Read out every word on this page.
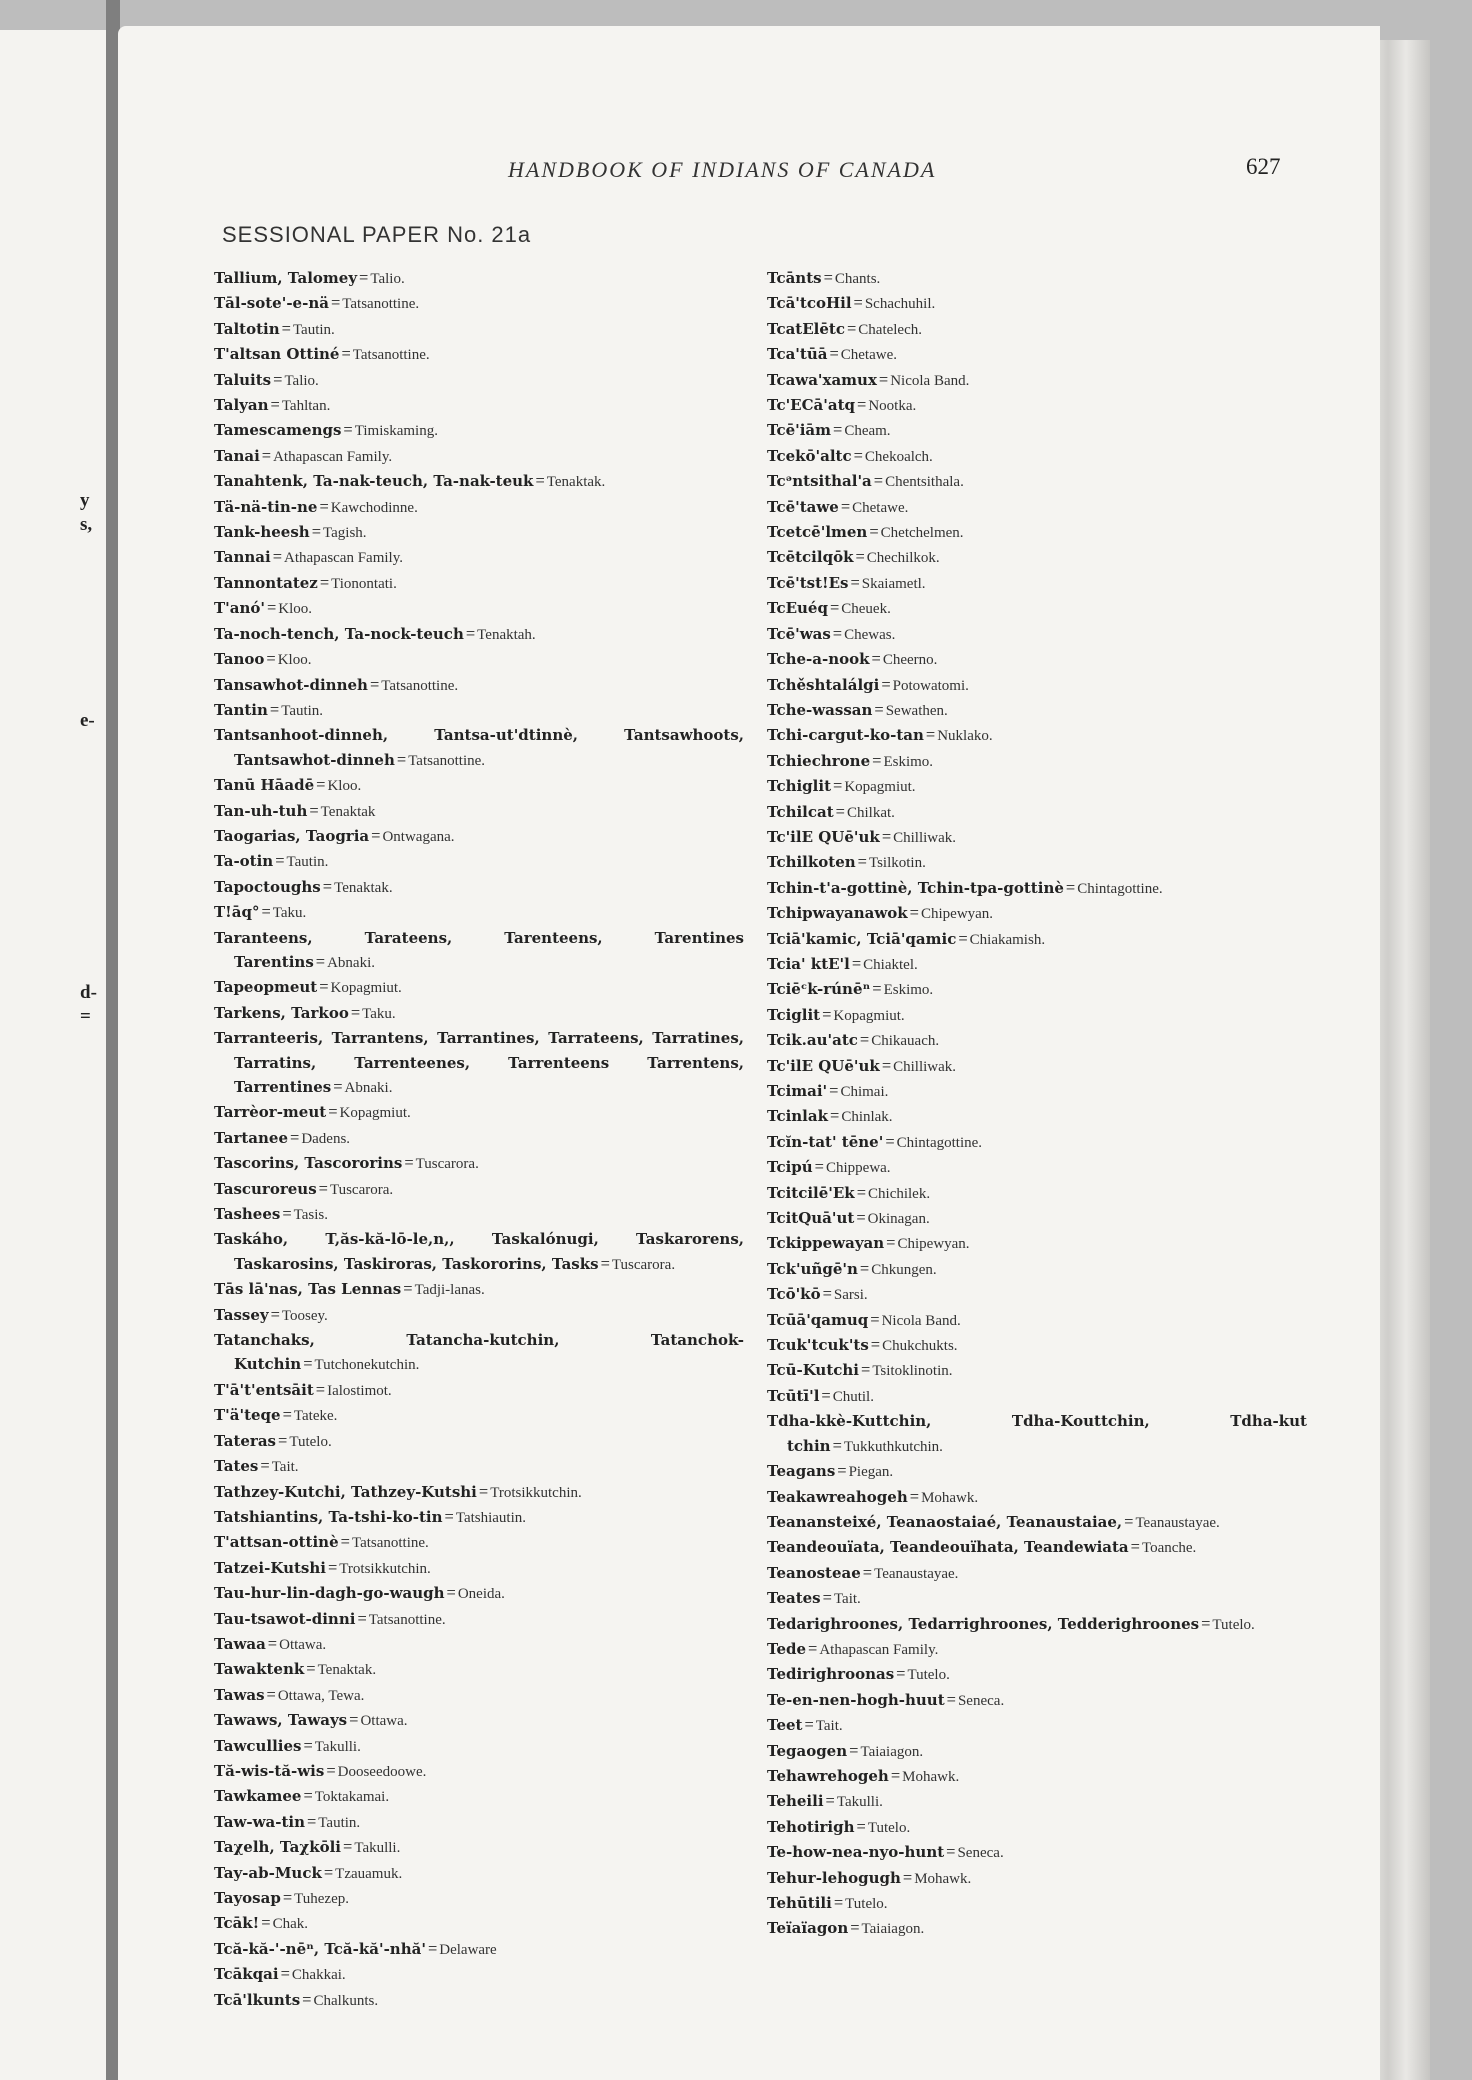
y
s,
e-
d-
=
HANDBOOK OF INDIANS OF CANADA	627
SESSIONAL PAPER No. 21a

Tallium, Talomey = Talio.

Tāl-sote'-e-nä = Tatsanottine.

Taltotin = Tautin.

T'altsan Ottiné = Tatsanottine.

Taluits = Talio.

Talyan = Tahltan.

Tamescamengs = Timiskaming.

Tanai = Athapascan Family.

Tanahtenk, Ta-nak-teuch, Ta-nak-teuk = Tenaktak.

Tä-nä-tin-ne = Kawchodinne.

Tank-heesh = Tagish.

Tannai = Athapascan Family.

Tannontatez = Tionontati.

T'anó' = Kloo.

Ta-noch-tench, Ta-nock-teuch = Tenaktah.

Tanoo = Kloo.

Tansawhot-dinneh = Tatsanottine.

Tantin = Tautin.

Tantsanhoot-dinneh, Tantsa-ut'dtinnè, Tantsawhoots, Tantsawhot-dinneh = Tatsanottine.

Tanū Hāadē = Kloo.

Tan-uh-tuh = Tenaktak

Taogarias, Taogria = Ontwagana.

Ta-otin = Tautin.

Tapoctoughs = Tenaktak.

T!āq° = Taku.

Taranteens, Tarateens, Tarenteens, Tarentines Tarentins = Abnaki.

Tapeopmeut = Kopagmiut.

Tarkens, Tarkoo = Taku.

Tarranteeris, Tarrantens, Tarrantines, Tarrateens, Tarratines, Tarratins, Tarrenteenes, Tarrenteens Tarrentens, Tarrentines = Abnaki.

Tarrèor-meut = Kopagmiut.

Tartanee = Dadens.

Tascorins, Tascororins = Tuscarora.

Tascuroreus = Tuscarora.

Tashees = Tasis.

Taskáho, T,ăs-kă-lō-le,n,, Taskalónugi, Taskarorens, Taskarosins, Taskiroras, Taskororins, Tasks = Tuscarora.

Tās lā'nas, Tas Lennas = Tadji-lanas.

Tassey = Toosey.

Tatanchaks, Tatancha-kutchin, Tatanchok-Kutchin = Tutchonekutchin.

T'ā't'entsāit = Ialostimot.

T'ä'teqe = Tateke.

Tateras = Tutelo.

Tates = Tait.

Tathzey-Kutchi, Tathzey-Kutshi = Trotsikkutchin.

Tatshiantins, Ta-tshi-ko-tin = Tatshiautin.

T'attsan-ottinè = Tatsanottine.

Tatzei-Kutshi = Trotsikkutchin.

Tau-hur-lin-dagh-go-waugh = Oneida.

Tau-tsawot-dinni = Tatsanottine.

Tawaa = Ottawa.

Tawaktenk = Tenaktak.

Tawas = Ottawa, Tewa.

Tawaws, Taways = Ottawa.

Tawcullies = Takulli.

Tă-wis-tă-wis = Dooseedoowe.

Tawkamee = Toktakamai.

Taw-wa-tin = Tautin.

Taχelh, Taχkōli = Takulli.

Tay-ab-Muck = Tzauamuk.

Tayosap = Tuhezep.

Tcāk! = Chak.

Tcă-kă-'-nēⁿ, Tcă-kă'-nhă' = Delaware

Tcākqai = Chakkai.

Tcā'lkunts = Chalkunts.

Tcānts = Chants.

Tcā'tcoHil = Schachuhil.

TcatElētc = Chatelech.

Tca'tūā = Chetawe.

Tcawa'xamux = Nicola Band.

Tc'ECā'atq = Nootka.

Tcē'iām = Cheam.

Tcekō'altc = Chekoalch.

Tcᵊntsithal'a = Chentsithala.

Tcē'tawe = Chetawe.

Tcetcē'lmen = Chetchelmen.

Tcētcilqōk = Chechilkok.

Tcē'tst!Es = Skaiametl.

TcEuéq = Cheuek.

Tcē'was = Chewas.

Tche-a-nook = Cheerno.

Tchěshtalálgi = Potowatomi.

Tche-wassan = Sewathen.

Tchi-cargut-ko-tan = Nuklako.

Tchiechrone = Eskimo.

Tchiglit = Kopagmiut.

Tchilcat = Chilkat.

Tc'ilE QUē'uk = Chilliwak.

Tchilkoten = Tsilkotin.

Tchin-t'a-gottinè, Tchin-tpa-gottinè = Chintagottine.

Tchipwayanawok = Chipewyan.

Tciā'kamic, Tciā'qamic = Chiakamish.

Tcia' ktE'l = Chiaktel.

Tciēᶜk-rúnēⁿ = Eskimo.

Tciglit = Kopagmiut.

Tcik.au'atc = Chikauach.

Tc'ilE QUē'uk = Chilliwak.

Tcimai' = Chimai.

Tcinlak = Chinlak.

Tcĭn-tat' tēne' = Chintagottine.

Tcipú = Chippewa.

Tcitcilē'Ek = Chichilek.

TcitQuā'ut = Okinagan.

Tckippewayan = Chipewyan.

Tck'uñgē'n = Chkungen.

Tcō'kō = Sarsi.

Tcūā'qamuq = Nicola Band.

Tcuk'tcuk'ts = Chukchukts.

Tcū-Kutchi = Tsitoklinotin.

Tcūtī'l = Chutil.

Tdha-kkè-Kuttchin, Tdha-Kouttchin, Tdha-kut tchin = Tukkuthkutchin.

Teagans = Piegan.

Teakawreahogeh = Mohawk.

Teananstеixé, Teanaostaiaé, Teanaustaiae, = Teanaustayae.

Teandeouïata, Teandeouïhata, Teandewiata = Toanche.

Teanosteae = Teanaustayae.

Teates = Tait.

Tedarighroones, Tedarrighroones, Tedderighroones = Tutelo.

Tede = Athapascan Family.

Tedirighroonas = Tutelo.

Te-en-nen-hogh-huut = Seneca.

Teet = Tait.

Tegaogen = Taiaiagon.

Tehawrehogeh = Mohawk.

Teheili = Takulli.

Tehotirigh = Tutelo.

Te-how-nea-nyo-hunt = Seneca.

Tehur-lehogugh = Mohawk.

Tehūtili = Tutelo.

Teïaïagon = Taiaiagon.
